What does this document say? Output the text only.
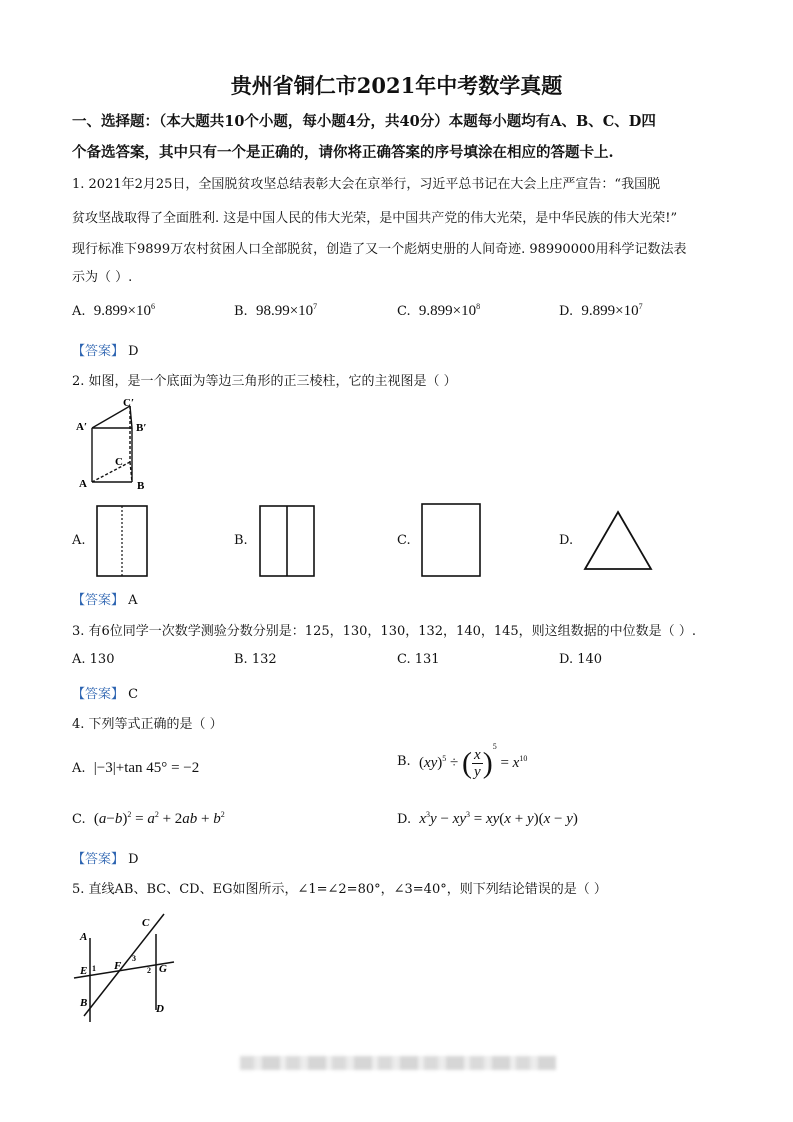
贵州省铜仁市2021年中考数学真题
一、选择题：（本大题共10个小题，每小题4分，共40分）本题每小题均有A、B、C、D四
个备选答案，其中只有一个是正确的，请你将正确答案的序号填涂在相应的答题卡上.
1. 2021年2月25日，全国脱贫攻坚总结表彰大会在京举行，习近平总书记在大会上庄严宣告：“我国脱
贫攻坚战取得了全面胜利. 这是中国人民的伟大光荣，是中国共产党的伟大光荣，是中华民族的伟大光荣!”
现行标准下9899万农村贫困人口全部脱贫，创造了又一个彪炳史册的人间奇迹. 98990000用科学记数法表
示为（ ）.
A. $9.899\times 10^6$	B. $98.99\times 10^7$	C. $9.899\times 10^8$	D. $9.899\times 10^7$
【答案】 D
2. 如图，是一个底面为等边三角形的正三棱柱，它的主视图是（ ）
C′
A′	B′
C
A	B
A.	B.	C.	D.
【答案】 A
3. 有6位同学一次数学测验分数分别是：125，130，130，132，140，145，则这组数据的中位数是（ ）.
A. 130	B. 132	C. 131	D. 140
【答案】 C
4. 下列等式正确的是（ ）
A. |−3|+tan 45° = −2	B. (xy)$^5$ ÷ ( $\frac{x}{y} )^5 = x^{10}$
C. $(a-b)^2 = a^2 + 2ab + b^2$	D. $x^3y - xy^3 = xy(x + y)(x - y)$
【答案】 D
5. 直线AB、BC、CD、EG如图所示，∠1=∠2=80°，∠3=40°，则下列结论错误的是（ ）
A
C
E 1 F
3
2 G
B	D
